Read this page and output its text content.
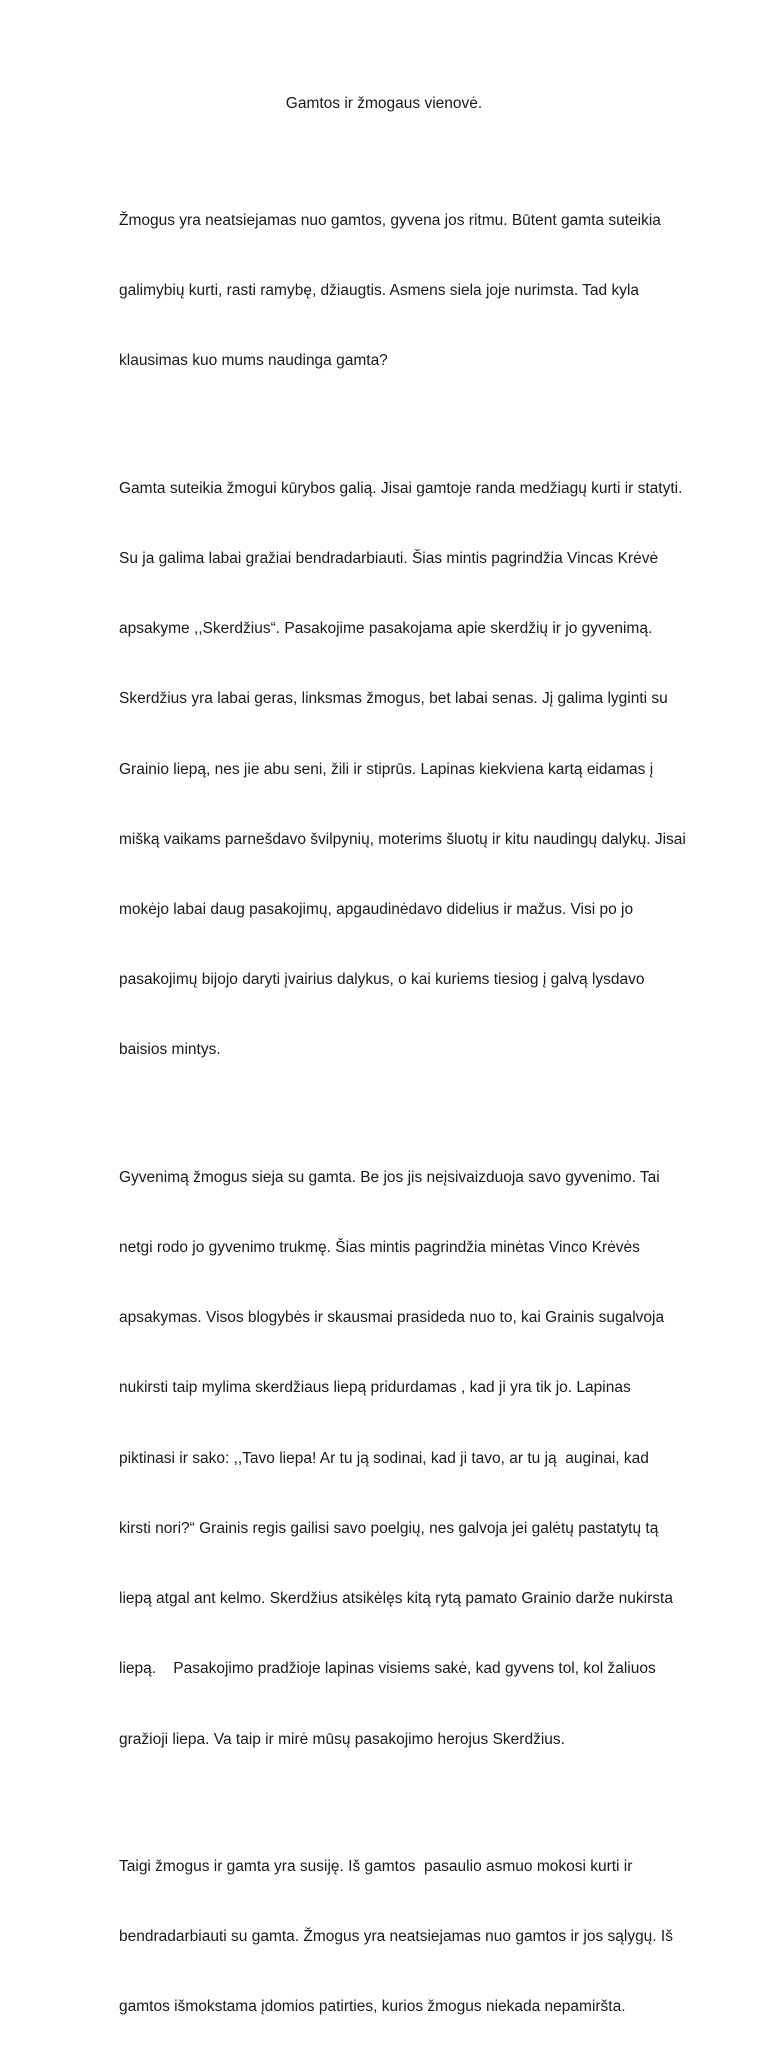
Gamtos ir žmogaus vienovė.

Žmogus yra neatsiejamas nuo gamtos, gyvena jos ritmu. Būtent gamta suteikia

galimybių kurti, rasti ramybę, džiaugtis. Asmens siela joje nurimsta. Tad kyla

klausimas kuo mums naudinga gamta?

Gamta suteikia žmogui kūrybos galią. Jisai gamtoje randa medžiagų kurti ir statyti.

Su ja galima labai gražiai bendradarbiauti. Šias mintis pagrindžia Vincas Krėvė

apsakyme ,,Skerdžius“. Pasakojime pasakojama apie skerdžių ir jo gyvenimą.

Skerdžius yra labai geras, linksmas žmogus, bet labai senas. Jį galima lyginti su

Grainio liepą, nes jie abu seni, žili ir stiprūs. Lapinas kiekviena kartą eidamas į

mišką vaikams parnešdavo švilpynių, moterims šluotų ir kitu naudingų dalykų. Jisai

mokėjo labai daug pasakojimų, apgaudinėdavo didelius ir mažus. Visi po jo

pasakojimų bijojo daryti įvairius dalykus, o kai kuriems tiesiog į galvą lysdavo

baisios mintys.

Gyvenimą žmogus sieja su gamta. Be jos jis neįsivaizduoja savo gyvenimo. Tai

netgi rodo jo gyvenimo trukmę. Šias mintis pagrindžia minėtas Vinco Krėvės

apsakymas. Visos blogybės ir skausmai prasideda nuo to, kai Grainis sugalvoja

nukirsti taip mylima skerdžiaus liepą pridurdamas , kad ji yra tik jo. Lapinas

piktinasi ir sako: ,,Tavo liepa! Ar tu ją sodinai, kad ji tavo, ar tu ją  auginai, kad

kirsti nori?“ Grainis regis gailisi savo poelgių, nes galvoja jei galėtų pastatytų tą

liepą atgal ant kelmo. Skerdžius atsikėlęs kitą rytą pamato Grainio darže nukirsta

liepą.    Pasakojimo pradžioje lapinas visiems sakė, kad gyvens tol, kol žaliuos

gražioji liepa. Va taip ir mirė mūsų pasakojimo herojus Skerdžius.

Taigi žmogus ir gamta yra susiję. Iš gamtos  pasaulio asmuo mokosi kurti ir

bendradarbiauti su gamta. Žmogus yra neatsiejamas nuo gamtos ir jos sąlygų. Iš

gamtos išmokstama įdomios patirties, kurios žmogus niekada nepamiršta.
